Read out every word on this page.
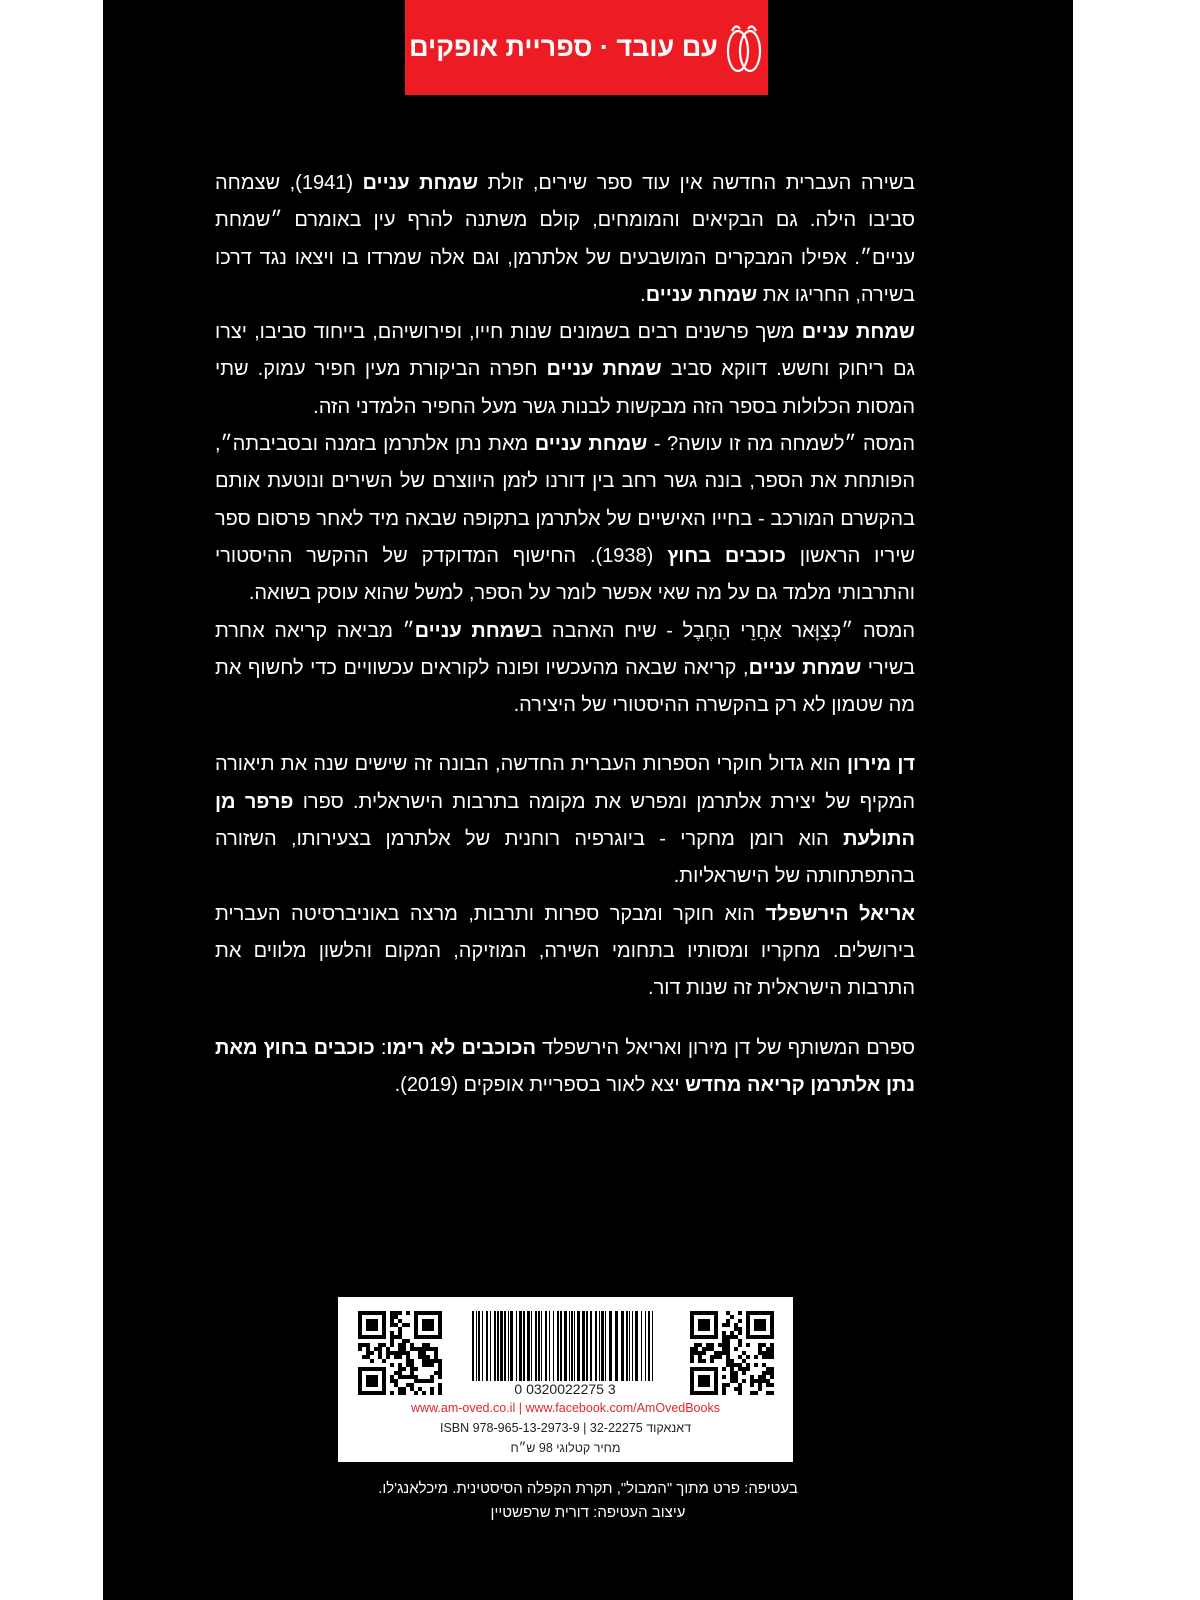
עם עובד · ספריית אופקים

בשירה העברית החדשה אין עוד ספר שירים, זולת שמחת עניים (1941), שצמחה סביבו הילה. גם הבקיאים והמומחים, קולם משתנה להרף עין באומרם ״שמחת עניים״. אפילו המבקרים המושבעים של אלתרמן, וגם אלה שמרדו בו ויצאו נגד דרכו בשירה, החריגו את שמחת עניים.

שמחת עניים משך פרשנים רבים בשמונים שנות חייו, ופירושיהם, בייחוד סביבו, יצרו גם ריחוק וחשש. דווקא סביב שמחת עניים חפרה הביקורת מעין חפיר עמוק. שתי המסות הכלולות בספר הזה מבקשות לבנות גשר מעל החפיר הלמדני הזה.

המסה ״לשמחה מה זו עושה? - שמחת עניים מאת נתן אלתרמן בזמנה ובסביבתה״, הפותחת את הספר, בונה גשר רחב בין דורנו לזמן היווצרם של השירים ונוטעת אותם בהקשרם המורכב - בחייו האישיים של אלתרמן בתקופה שבאה מיד לאחר פרסום ספר שיריו הראשון כוכבים בחוץ (1938). החישוף המדוקדק של ההקשר ההיסטורי והתרבותי מלמד גם על מה שאי אפשר לומר על הספר, למשל שהוא עוסק בשואה.

המסה ״כְּצַוָּאר אַחֲרֵי הַחֶבֶל - שיח האהבה בשמחת עניים״ מביאה קריאה אחרת בשירי שמחת עניים, קריאה שבאה מהעכשיו ופונה לקוראים עכשוויים כדי לחשוף את מה שטמון לא רק בהקשרה ההיסטורי של היצירה.

דן מירון הוא גדול חוקרי הספרות העברית החדשה, הבונה זה שישים שנה את תיאורה המקיף של יצירת אלתרמן ומפרש את מקומה בתרבות הישראלית. ספרו פרפר מן התולעת הוא רומן מחקרי - ביוגרפיה רוחנית של אלתרמן בצעירותו, השזורה בהתפתחותה של הישראליות.

אריאל הירשפלד הוא חוקר ומבקר ספרות ותרבות, מרצה באוניברסיטה העברית בירושלים. מחקריו ומסותיו בתחומי השירה, המוזיקה, המקום והלשון מלווים את התרבות הישראלית זה שנות דור.

ספרם המשותף של דן מירון ואריאל הירשפלד הכוכבים לא רימו: כוכבים בחוץ מאת נתן אלתרמן קריאה מחדש יצא לאור בספריית אופקים (2019).

0 0320022275 3
www.am-oved.co.il | www.facebook.com/AmOvedBooks
ISBN 978-965-13-2973-9 | דאנאקוד 32-22275
מחיר קטלוגי 98 ש״ח
בעטיפה: פרט מתוך "המבול", תקרת הקפלה הסיסטינית. מיכלאנג'לו.
עיצוב העטיפה: דורית שרפשטיין
